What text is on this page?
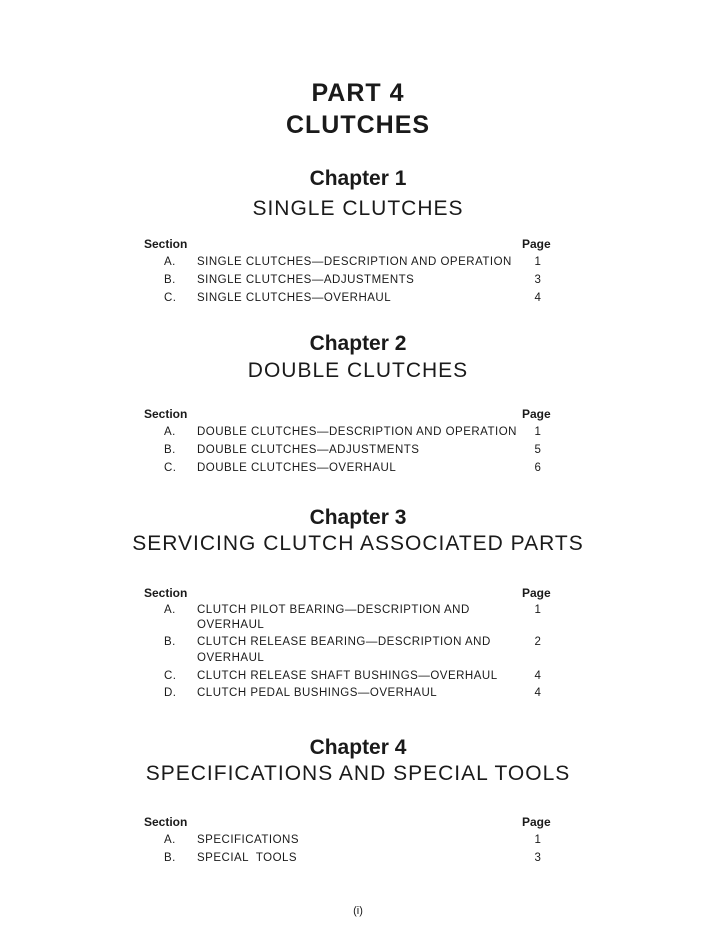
PART 4
CLUTCHES
Chapter 1
SINGLE CLUTCHES
Section	Page
A. SINGLE CLUTCHES—DESCRIPTION AND OPERATION	1
B. SINGLE CLUTCHES—ADJUSTMENTS	3
C. SINGLE CLUTCHES—OVERHAUL	4
Chapter 2
DOUBLE CLUTCHES
Section	Page
A. DOUBLE CLUTCHES—DESCRIPTION AND OPERATION	1
B. DOUBLE CLUTCHES—ADJUSTMENTS	5
C. DOUBLE CLUTCHES—OVERHAUL	6
Chapter 3
SERVICING CLUTCH ASSOCIATED PARTS
Section	Page
A. CLUTCH PILOT BEARING—DESCRIPTION AND	1
OVERHAUL
B. CLUTCH RELEASE BEARING—DESCRIPTION AND	2
OVERHAUL
C. CLUTCH RELEASE SHAFT BUSHINGS—OVERHAUL	4
D. CLUTCH PEDAL BUSHINGS—OVERHAUL	4
Chapter 4
SPECIFICATIONS AND SPECIAL TOOLS
Section	Page
A. SPECIFICATIONS	1
B. SPECIAL  TOOLS	3
(i)
